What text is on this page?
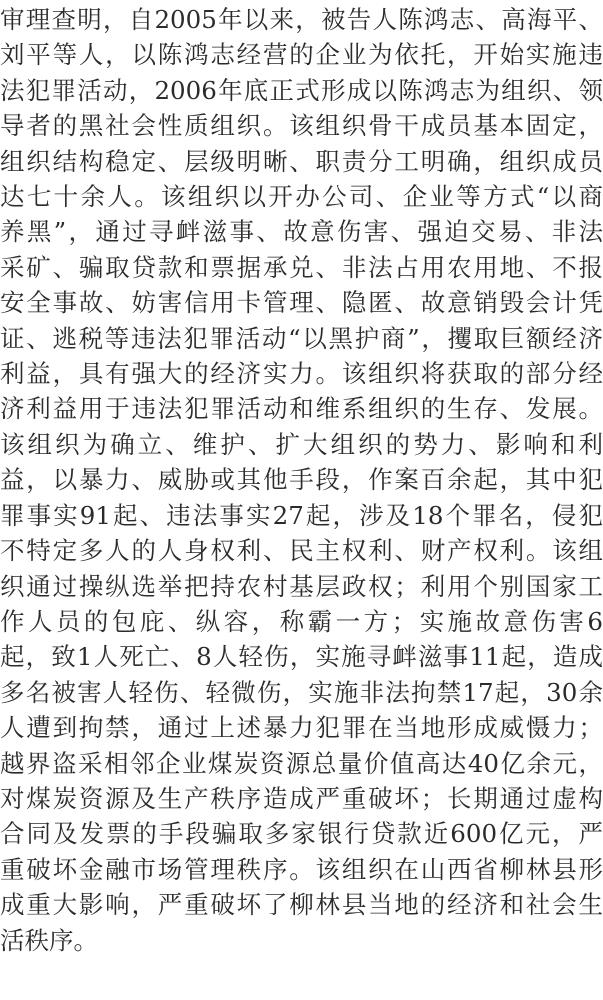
审理查明，自2005年以来，被告人陈鸿志、高海平、
刘平等人，以陈鸿志经营的企业为依托，开始实施违
法犯罪活动，2006年底正式形成以陈鸿志为组织、领
导者的黑社会性质组织。该组织骨干成员基本固定，
组织结构稳定、层级明晰、职责分工明确，组织成员
达七十余人。该组织以开办公司、企业等方式“以商
养黑”，通过寻衅滋事、故意伤害、强迫交易、非法
采矿、骗取贷款和票据承兑、非法占用农用地、不报
安全事故、妨害信用卡管理、隐匿、故意销毁会计凭
证、逃税等违法犯罪活动“以黑护商”，攫取巨额经济
利益，具有强大的经济实力。该组织将获取的部分经
济利益用于违法犯罪活动和维系组织的生存、发展。
该组织为确立、维护、扩大组织的势力、影响和利
益，以暴力、威胁或其他手段，作案百余起，其中犯
罪事实91起、违法事实27起，涉及18个罪名，侵犯
不特定多人的人身权利、民主权利、财产权利。该组
织通过操纵选举把持农村基层政权；利用个别国家工
作人员的包庇、纵容，称霸一方；实施故意伤害6
起，致1人死亡、8人轻伤，实施寻衅滋事11起，造成
多名被害人轻伤、轻微伤，实施非法拘禁17起，30余
人遭到拘禁，通过上述暴力犯罪在当地形成威慑力；
越界盗采相邻企业煤炭资源总量价值高达40亿余元，
对煤炭资源及生产秩序造成严重破坏；长期通过虚构
合同及发票的手段骗取多家银行贷款近600亿元，严
重破坏金融市场管理秩序。该组织在山西省柳林县形
成重大影响，严重破坏了柳林县当地的经济和社会生
活秩序。
